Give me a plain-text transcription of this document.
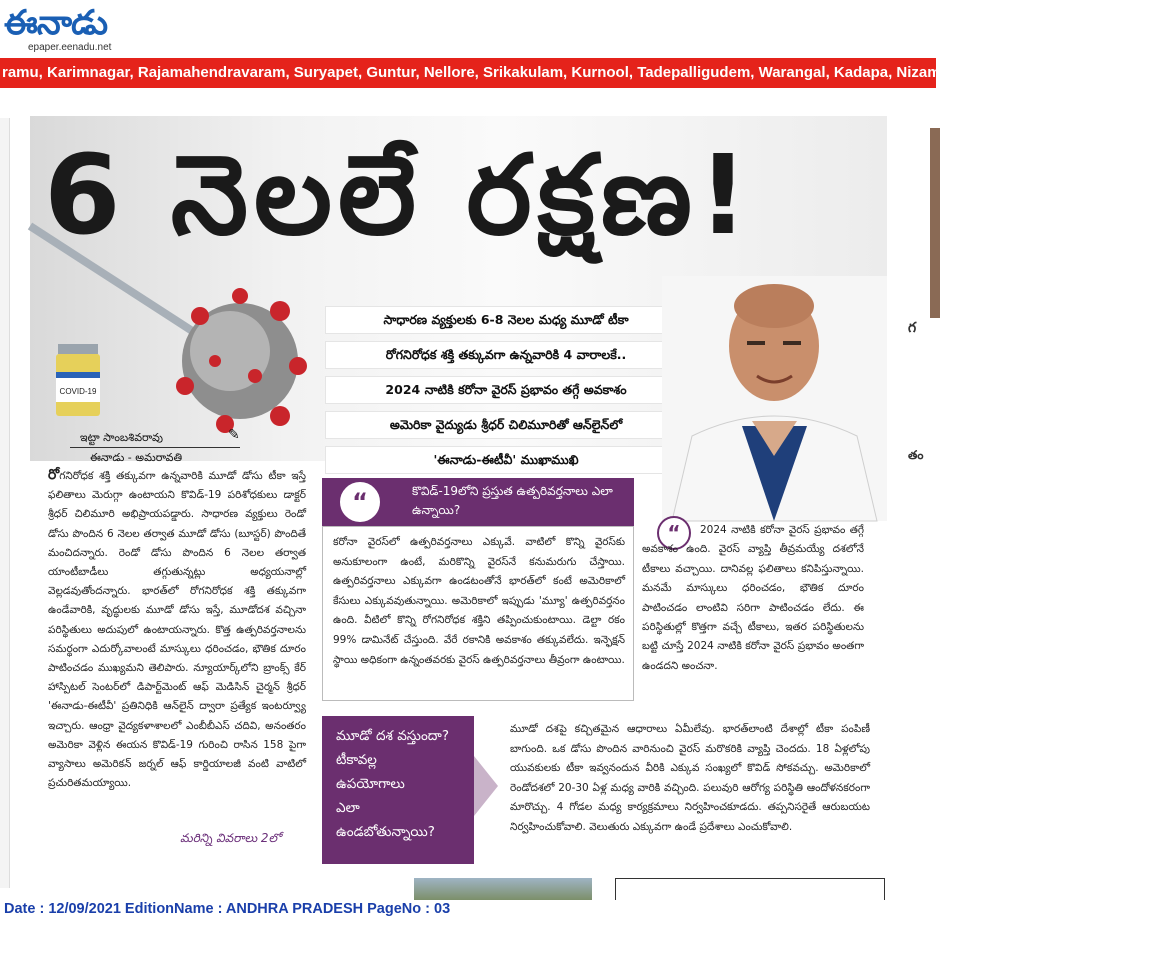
ఈనాడు
epaper.eenadu.net
ramu, Karimnagar, Rajamahendravaram, Suryapet, Guntur, Nellore, Srikakulam, Kurnool, Tadepalligudem, Warangal, Kadapa, Nizamabad, Khammam, Ongole, Ma
గ
తం
6 నెలలే రక్షణ!
COVID-19
సాధారణ వ్యక్తులకు 6-8 నెలల మధ్య మూడో టీకా
రోగనిరోధక శక్తి తక్కువగా ఉన్నవారికి 4 వారాలకే..
2024 నాటికి కరోనా వైరస్ ప్రభావం తగ్గే అవకాశం
అమెరికా వైద్యుడు శ్రీధర్ చిలిమూరితో ఆన్‌లైన్‌లో
'ఈనాడు-ఈటీవీ' ముఖాముఖి
ఇట్టా సాంబశివరావు	✎
ఈనాడు - అమరావతి
రోగనిరోధక శక్తి తక్కువగా ఉన్నవారికి మూడో డోసు టీకా ఇస్తే ఫలితాలు మెరుగ్గా ఉంటాయని కొవిడ్-19 పరిశోధకులు డాక్టర్ శ్రీధర్ చిలిమూరి అభిప్రాయపడ్డారు. సాధారణ వ్యక్తులు రెండో డోసు పొందిన 6 నెలల తర్వాత మూడో డోసు (బూస్టర్) పొందితే మంచిదన్నారు. రెండో డోసు పొందిన 6 నెలల తర్వాత యాంటీబాడీలు తగ్గుతున్నట్లు అధ్యయనాల్లో వెల్లడవుతోందన్నారు. భారత్‌లో రోగనిరోధక శక్తి తక్కువగా ఉండేవారికి, వృద్ధులకు మూడో డోసు ఇస్తే, మూడోదశ వచ్చినా పరిస్థితులు అదుపులో ఉంటాయన్నారు. కొత్త ఉత్పరివర్తనాలను సమర్థంగా ఎదుర్కోవాలంటే మాస్కులు ధరించడం, భౌతిక దూరం పాటించడం ముఖ్యమని తెలిపారు. న్యూయార్క్‌లోని బ్రాంక్స్ కేర్ హాస్పిటల్ సెంటర్‌లో డిపార్ట్‌మెంట్ ఆఫ్ మెడిసిన్ చైర్మన్ శ్రీధర్ 'ఈనాడు-ఈటీవీ' ప్రతినిధికి ఆన్‌లైన్ ద్వారా ప్రత్యేక ఇంటర్వ్యూ ఇచ్చారు. ఆంధ్రా వైద్యకళాశాలలో ఎంబీబీఎస్ చదివి, అనంతరం అమెరికా వెళ్లిన ఈయన కొవిడ్-19 గురించి రాసిన 158 పైగా వ్యాసాలు అమెరికన్ జర్నల్ ఆఫ్ కార్డియాలజీ వంటి వాటిలో ప్రచురితమయ్యాయి.
మరిన్ని వివరాలు 2లో
“	కొవిడ్-19లోని ప్రస్తుత ఉత్పరివర్తనాలు ఎలా ఉన్నాయి?

కరోనా వైరస్‌లో ఉత్పరివర్తనాలు ఎక్కువే. వాటిలో కొన్ని వైరస్‌కు అనుకూలంగా ఉంటే, మరికొన్ని వైరస్‌నే కనుమరుగు చేస్తాయి. ఉత్పరివర్తనాలు ఎక్కువగా ఉండటంతోనే భారత్‌లో కంటే అమెరికాలో కేసులు ఎక్కువవుతున్నాయి. అమెరికాలో ఇప్పుడు 'మ్యూ' ఉత్పరివర్తనం ఉంది. వీటిలో కొన్ని రోగనిరోధక శక్తిని తప్పించుకుంటాయి. డెల్టా రకం 99% డామినేట్ చేస్తుంది. వేరే రకానికి అవకాశం తక్కువలేదు. ఇన్ఫెక్షన్ స్థాయి అధికంగా ఉన్నంతవరకు వైరస్ ఉత్పరివర్తనాలు తీవ్రంగా ఉంటాయి.

“	2024 నాటికి కరోనా వైరస్ ప్రభావం తగ్గే అవకాశం ఉంది. వైరస్ వ్యాప్తి తీవ్రమయ్యే దశలోనే టీకాలు వచ్చాయి. దానివల్ల ఫలితాలు కనిపిస్తున్నాయి. మనమే మాస్కులు ధరించడం, భౌతిక దూరం పాటించడం లాంటివి సరిగా పాటించడం లేదు. ఈ పరిస్థితుల్లో కొత్తగా వచ్చే టీకాలు, ఇతర పరిస్థితులను బట్టి చూస్తే 2024 నాటికి కరోనా వైరస్ ప్రభావం అంతగా ఉండదని అంచనా.
మూడో దశ వస్తుందా?
టీకావల్ల
ఉపయోగాలు
ఎలా
ఉండబోతున్నాయి?
మూడో దశపై కచ్చితమైన ఆధారాలు ఏమీలేవు. భారత్‌లాంటి దేశాల్లో టీకా పంపిణీ బాగుంది. ఒక డోసు పొందిన వారినుంచి వైరస్ మరొకరికి వ్యాప్తి చెందదు. 18 ఏళ్లలోపు యువకులకు టీకా ఇవ్వనందున వీరికి ఎక్కువ సంఖ్యలో కొవిడ్ సోకవచ్చు. అమెరికాలో రెండోదశలో 20-30 ఏళ్ల మధ్య వారికి వచ్చింది. పలువురి ఆరోగ్య పరిస్థితి ఆందోళనకరంగా మారొచ్చు. 4 గోడల మధ్య కార్యక్రమాలు నిర్వహించకూడదు. తప్పనిసరైతే ఆరుబయట నిర్వహించుకోవాలి. వెలుతురు ఎక్కువగా ఉండే ప్రదేశాలు ఎంచుకోవాలి.
Date : 12/09/2021 EditionName : ANDHRA PRADESH PageNo : 03
